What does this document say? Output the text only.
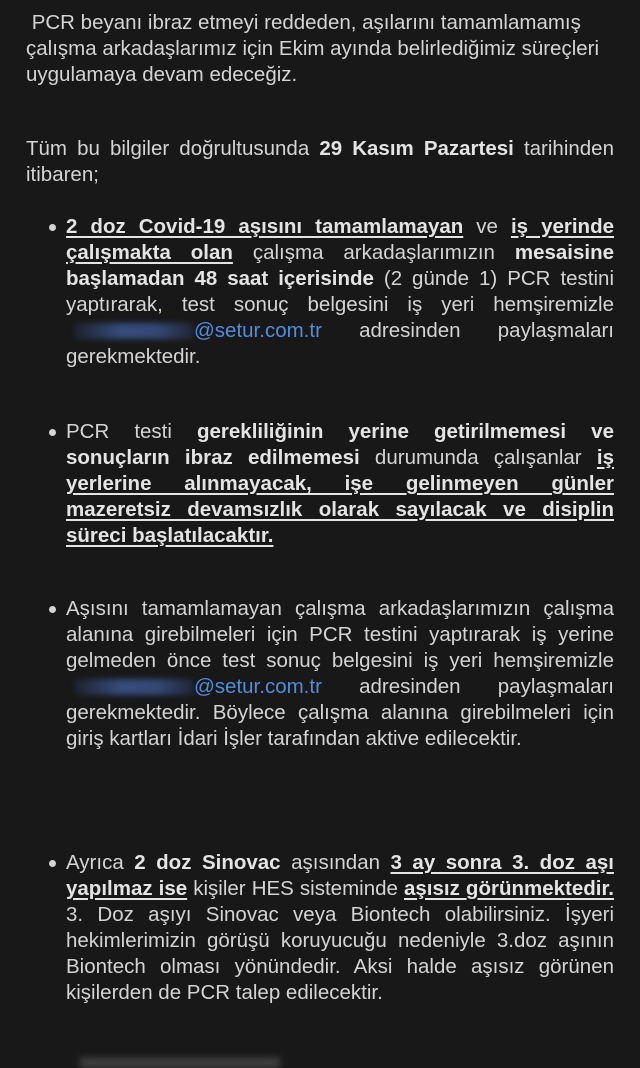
PCR beyanı ibraz etmeyi reddeden, aşılarını tamamlamamış çalışma arkadaşlarımız için Ekim ayında belirlediğimiz süreçleri uygulamaya devam edeceğiz.

Tüm bu bilgiler doğrultusunda 29 Kasım Pazartesi tarihinden itibaren;

2 doz Covid-19 aşısını tamamlamayan ve iş yerinde çalışmakta olan çalışma arkadaşlarımızın mesaisine başlamadan 48 saat içerisinde (2 günde 1) PCR testini yaptırarak, test sonuç belgesini iş yeri hemşiremizle @setur.com.tr adresinden paylaşmaları gerekmektedir.
PCR testi gerekliliğinin yerine getirilmemesi ve sonuçların ibraz edilmemesi durumunda çalışanlar iş yerlerine alınmayacak, işe gelinmeyen günler mazeretsiz devamsızlık olarak sayılacak ve disiplin süreci başlatılacaktır.
Aşısını tamamlamayan çalışma arkadaşlarımızın çalışma alanına girebilmeleri için PCR testini yaptırarak iş yerine gelmeden önce test sonuç belgesini iş yeri hemşiremizle @setur.com.tr adresinden paylaşmaları gerekmektedir. Böylece çalışma alanına girebilmeleri için giriş kartları İdari İşler tarafından aktive edilecektir.
Ayrıca 2 doz Sinovac aşısından 3 ay sonra 3. doz aşı yapılmaz ise kişiler HES sisteminde aşısız görünmektedir. 3. Doz aşıyı Sinovac veya Biontech olabilirsiniz. İşyeri hekimlerimizin görüşü koruyucuğu nedeniyle 3.doz aşının Biontech olması yönündedir. Aksi halde aşısız görünen kişilerden de PCR talep edilecektir.
